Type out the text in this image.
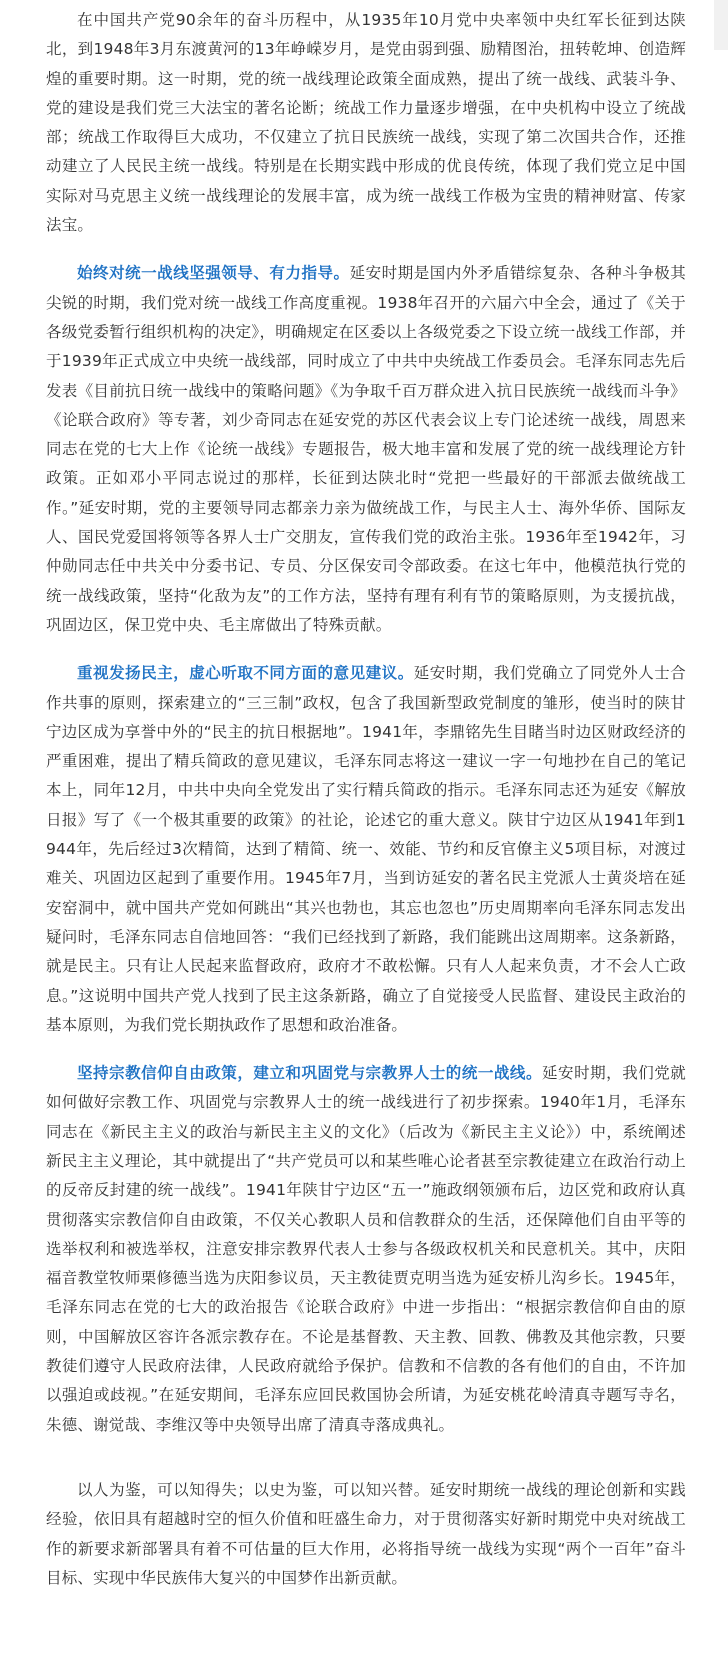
在中国共产党90余年的奋斗历程中，从1935年10月党中央率领中央红军长征到达陕北，到1948年3月东渡黄河的13年峥嵘岁月，是党由弱到强、励精图治，扭转乾坤、创造辉煌的重要时期。这一时期，党的统一战线理论政策全面成熟，提出了统一战线、武装斗争、党的建设是我们党三大法宝的著名论断；统战工作力量逐步增强，在中央机构中设立了统战部；统战工作取得巨大成功，不仅建立了抗日民族统一战线，实现了第二次国共合作，还推动建立了人民民主统一战线。特别是在长期实践中形成的优良传统，体现了我们党立足中国实际对马克思主义统一战线理论的发展丰富，成为统一战线工作极为宝贵的精神财富、传家法宝。

始终对统一战线坚强领导、有力指导。延安时期是国内外矛盾错综复杂、各种斗争极其尖锐的时期，我们党对统一战线工作高度重视。1938年召开的六届六中全会，通过了《关于各级党委暂行组织机构的决定》，明确规定在区委以上各级党委之下设立统一战线工作部，并于1939年正式成立中央统一战线部，同时成立了中共中央统战工作委员会。毛泽东同志先后发表《目前抗日统一战线中的策略问题》《为争取千百万群众进入抗日民族统一战线而斗争》《论联合政府》等专著，刘少奇同志在延安党的苏区代表会议上专门论述统一战线，周恩来同志在党的七大上作《论统一战线》专题报告，极大地丰富和发展了党的统一战线理论方针政策。正如邓小平同志说过的那样，长征到达陕北时“党把一些最好的干部派去做统战工作。”延安时期，党的主要领导同志都亲力亲为做统战工作，与民主人士、海外华侨、国际友人、国民党爱国将领等各界人士广交朋友，宣传我们党的政治主张。1936年至1942年，习仲勋同志任中共关中分委书记、专员、分区保安司令部政委。在这七年中，他模范执行党的统一战线政策，坚持“化敌为友”的工作方法，坚持有理有利有节的策略原则，为支援抗战，巩固边区，保卫党中央、毛主席做出了特殊贡献。

重视发扬民主，虚心听取不同方面的意见建议。延安时期，我们党确立了同党外人士合作共事的原则，探索建立的“三三制”政权，包含了我国新型政党制度的雏形，使当时的陕甘宁边区成为享誉中外的“民主的抗日根据地”。1941年，李鼎铭先生目睹当时边区财政经济的严重困难，提出了精兵简政的意见建议，毛泽东同志将这一建议一字一句地抄在自己的笔记本上，同年12月，中共中央向全党发出了实行精兵简政的指示。毛泽东同志还为延安《解放日报》写了《一个极其重要的政策》的社论，论述它的重大意义。陕甘宁边区从1941年到1944年，先后经过3次精简，达到了精简、统一、效能、节约和反官僚主义5项目标，对渡过难关、巩固边区起到了重要作用。1945年7月，当到访延安的著名民主党派人士黄炎培在延安窑洞中，就中国共产党如何跳出“其兴也勃也，其忘也忽也”历史周期率向毛泽东同志发出疑问时，毛泽东同志自信地回答：“我们已经找到了新路，我们能跳出这周期率。这条新路，就是民主。只有让人民起来监督政府，政府才不敢松懈。只有人人起来负责，才不会人亡政息。”这说明中国共产党人找到了民主这条新路，确立了自觉接受人民监督、建设民主政治的基本原则，为我们党长期执政作了思想和政治准备。

坚持宗教信仰自由政策，建立和巩固党与宗教界人士的统一战线。延安时期，我们党就如何做好宗教工作、巩固党与宗教界人士的统一战线进行了初步探索。1940年1月，毛泽东同志在《新民主主义的政治与新民主主义的文化》（后改为《新民主主义论》）中，系统阐述新民主主义理论，其中就提出了“共产党员可以和某些唯心论者甚至宗教徒建立在政治行动上的反帝反封建的统一战线”。1941年陕甘宁边区“五一”施政纲领颁布后，边区党和政府认真贯彻落实宗教信仰自由政策，不仅关心教职人员和信教群众的生活，还保障他们自由平等的选举权利和被选举权，注意安排宗教界代表人士参与各级政权机关和民意机关。其中，庆阳福音教堂牧师栗修德当选为庆阳参议员，天主教徒贾克明当选为延安桥儿沟乡长。1945年，毛泽东同志在党的七大的政治报告《论联合政府》中进一步指出：“根据宗教信仰自由的原则，中国解放区容许各派宗教存在。不论是基督教、天主教、回教、佛教及其他宗教，只要教徒们遵守人民政府法律，人民政府就给予保护。信教和不信教的各有他们的自由，不许加以强迫或歧视。”在延安期间，毛泽东应回民救国协会所请，为延安桃花岭清真寺题写寺名，朱德、谢觉哉、李维汉等中央领导出席了清真寺落成典礼。

以人为鉴，可以知得失；以史为鉴，可以知兴替。延安时期统一战线的理论创新和实践经验，依旧具有超越时空的恒久价值和旺盛生命力，对于贯彻落实好新时期党中央对统战工作的新要求新部署具有着不可估量的巨大作用，必将指导统一战线为实现“两个一百年”奋斗目标、实现中华民族伟大复兴的中国梦作出新贡献。
